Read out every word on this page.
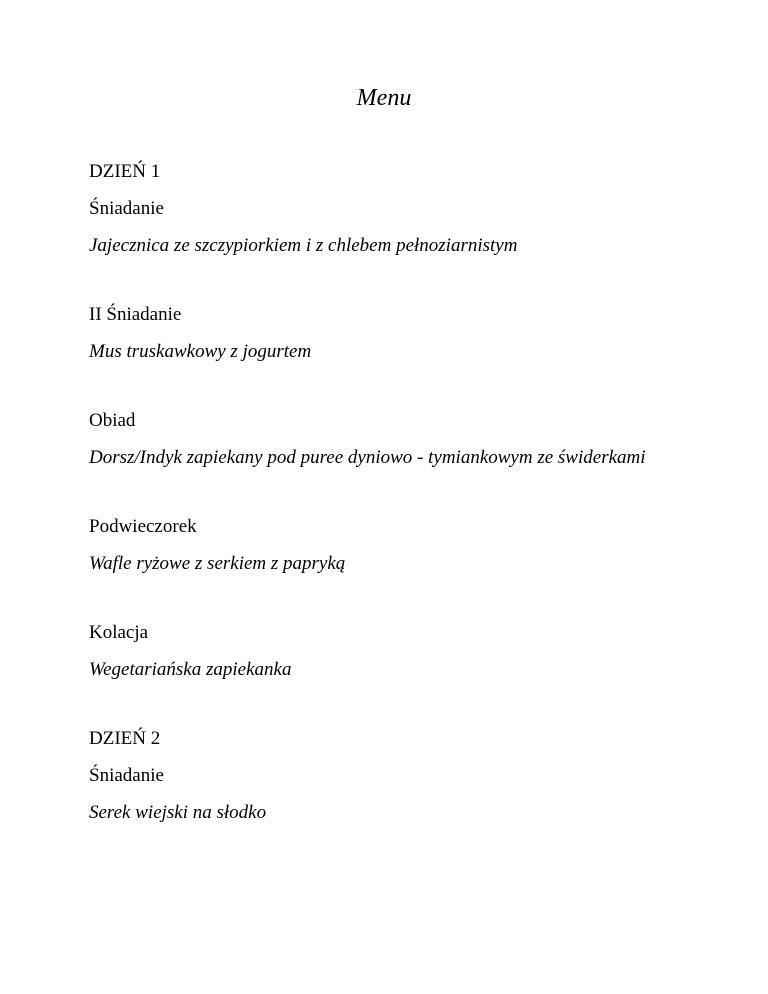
Menu
DZIEŃ 1
Śniadanie
Jajecznica ze szczypiorkiem i z chlebem pełnoziarnistym
II Śniadanie
Mus truskawkowy z jogurtem
Obiad
Dorsz/Indyk zapiekany pod puree dyniowo - tymiankowym ze świderkami
Podwieczorek
Wafle ryżowe z serkiem z papryką
Kolacja
Wegetariańska zapiekanka
DZIEŃ 2
Śniadanie
Serek wiejski na słodko
